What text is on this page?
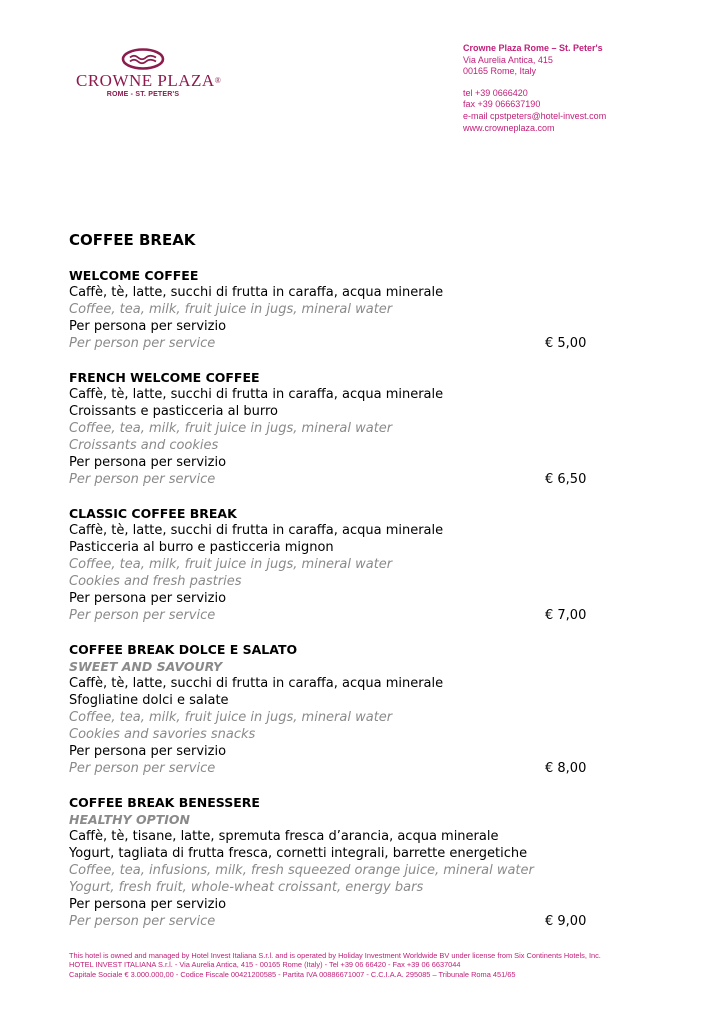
CROWNE PLAZA®
ROME - ST. PETER'S
Crowne Plaza Rome – St. Peter's
Via Aurelia Antica, 415
00165 Rome, Italy
tel +39 0666420
fax +39 066637190
e-mail cpstpeters@hotel-invest.com
www.crowneplaza.com
COFFEE BREAK
WELCOME COFFEE
Caffè, tè, latte, succhi di frutta in caraffa, acqua minerale
Coffee, tea, milk, fruit juice in jugs, mineral water
Per persona per servizio
Per person per service	€ 5,00
FRENCH WELCOME COFFEE
Caffè, tè, latte, succhi di frutta in caraffa, acqua minerale
Croissants e pasticceria al burro
Coffee, tea, milk, fruit juice in jugs, mineral water
Croissants and cookies
Per persona per servizio
Per person per service	€ 6,50
CLASSIC COFFEE BREAK
Caffè, tè, latte, succhi di frutta in caraffa, acqua minerale
Pasticceria al burro e pasticceria mignon
Coffee, tea, milk, fruit juice in jugs, mineral water
Cookies and fresh pastries
Per persona per servizio
Per person per service	€ 7,00
COFFEE BREAK DOLCE E SALATO
SWEET AND SAVOURY
Caffè, tè, latte, succhi di frutta in caraffa, acqua minerale
Sfogliatine dolci e salate
Coffee, tea, milk, fruit juice in jugs, mineral water
Cookies and savories snacks
Per persona per servizio
Per person per service	€ 8,00
COFFEE BREAK BENESSERE
HEALTHY OPTION
Caffè, tè, tisane, latte, spremuta fresca d’arancia, acqua minerale
Yogurt, tagliata di frutta fresca, cornetti integrali, barrette energetiche
Coffee, tea, infusions, milk, fresh squeezed orange juice, mineral water
Yogurt, fresh fruit, whole-wheat croissant, energy bars
Per persona per servizio
Per person per service	€ 9,00
This hotel is owned and managed by Hotel Invest Italiana S.r.l. and is operated by Holiday Investment Worldwide BV under license from Six Continents Hotels, Inc.
HOTEL INVEST ITALIANA S.r.l. - Via Aurelia Antica, 415 - 00165 Rome (Italy) - Tel +39 06 66420 - Fax +39 06 6637044
Capitale Sociale € 3.000.000,00 - Codice Fiscale 00421200585 - Partita IVA 00886671007 - C.C.I.A.A. 295085 – Tribunale Roma 451/65
